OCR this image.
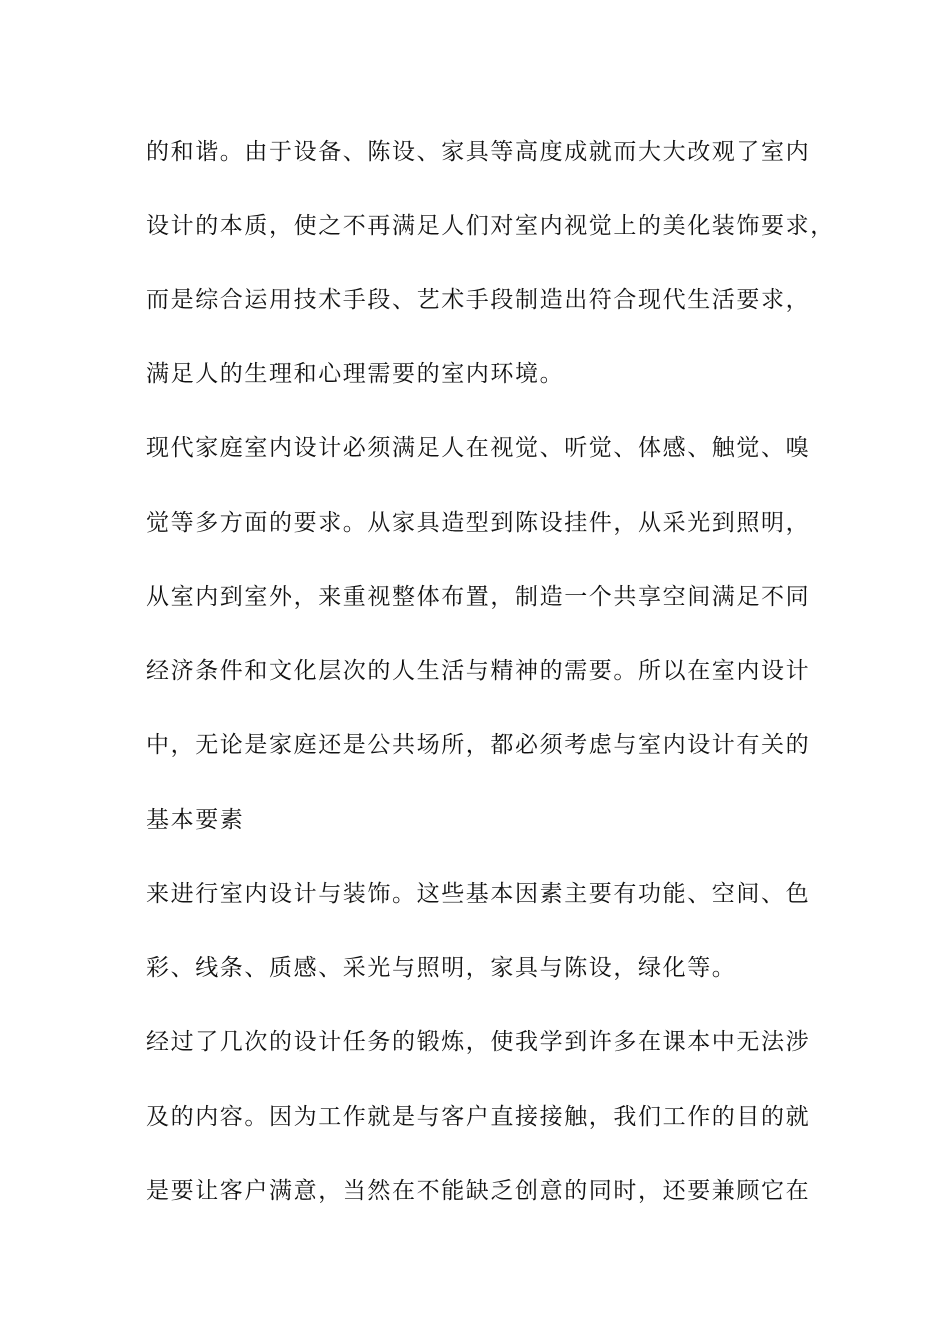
的和谐。由于设备、陈设、家具等高度成就而大大改观了室内
设计的本质，使之不再满足人们对室内视觉上的美化装饰要求，
而是综合运用技术手段、艺术手段制造出符合现代生活要求，
满足人的生理和心理需要的室内环境。
现代家庭室内设计必须满足人在视觉、听觉、体感、触觉、嗅
觉等多方面的要求。从家具造型到陈设挂件，从采光到照明，
从室内到室外，来重视整体布置，制造一个共享空间满足不同
经济条件和文化层次的人生活与精神的需要。所以在室内设计
中，无论是家庭还是公共场所，都必须考虑与室内设计有关的
基本要素
来进行室内设计与装饰。这些基本因素主要有功能、空间、色
彩、线条、质感、采光与照明，家具与陈设，绿化等。
经过了几次的设计任务的锻炼，使我学到许多在课本中无法涉
及的内容。因为工作就是与客户直接接触，我们工作的目的就
是要让客户满意，当然在不能缺乏创意的同时，还要兼顾它在
